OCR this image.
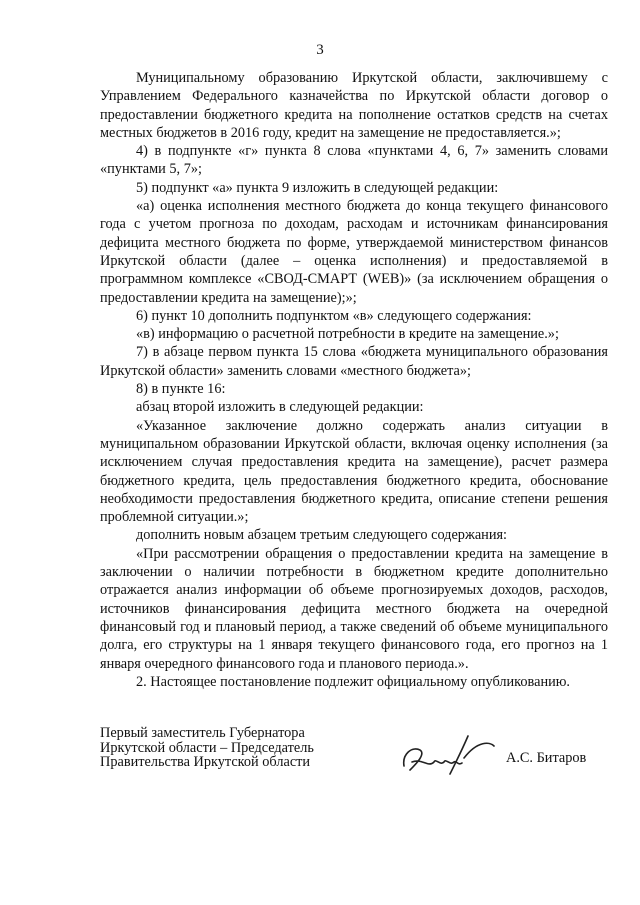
3

Муниципальному образованию Иркутской области, заключившему с Управлением Федерального казначейства по Иркутской области договор о предоставлении бюджетного кредита на пополнение остатков средств на счетах местных бюджетов в 2016 году, кредит на замещение не предоставляется.»;

4) в подпункте «г» пункта 8 слова «пунктами 4, 6, 7» заменить словами «пунктами 5, 7»;

5) подпункт «а» пункта 9 изложить в следующей редакции:

«а) оценка исполнения местного бюджета до конца текущего финансового года с учетом прогноза по доходам, расходам и источникам финансирования дефицита местного бюджета по форме, утверждаемой министерством финансов Иркутской области (далее – оценка исполнения) и предоставляемой в программном комплексе «СВОД-СМАРТ (WEB)» (за исключением обращения о предоставлении кредита на замещение);»;

6) пункт 10 дополнить подпунктом «в» следующего содержания:

«в) информацию о расчетной потребности в кредите на замещение.»;

7) в абзаце первом пункта 15 слова «бюджета муниципального образования Иркутской области» заменить словами «местного бюджета»;

8) в пункте 16:

абзац второй изложить в следующей редакции:

«Указанное заключение должно содержать анализ ситуации в муниципальном образовании Иркутской области, включая оценку исполнения (за исключением случая предоставления кредита на замещение), расчет размера бюджетного кредита, цель предоставления бюджетного кредита, обоснование необходимости предоставления бюджетного кредита, описание степени решения проблемной ситуации.»;

дополнить новым абзацем третьим следующего содержания:

«При рассмотрении обращения о предоставлении кредита на замещение в заключении о наличии потребности в бюджетном кредите дополнительно отражается анализ информации об объеме прогнозируемых доходов, расходов, источников финансирования дефицита местного бюджета на очередной финансовый год и плановый период, а также сведений об объеме муниципального долга, его структуры на 1 января текущего финансового года, его прогноз на 1 января очередного финансового года и планового периода.».

2. Настоящее постановление подлежит официальному опубликованию.

Первый заместитель Губернатора
Иркутской области – Председатель
Правительства Иркутской области	А.С. Битаров
